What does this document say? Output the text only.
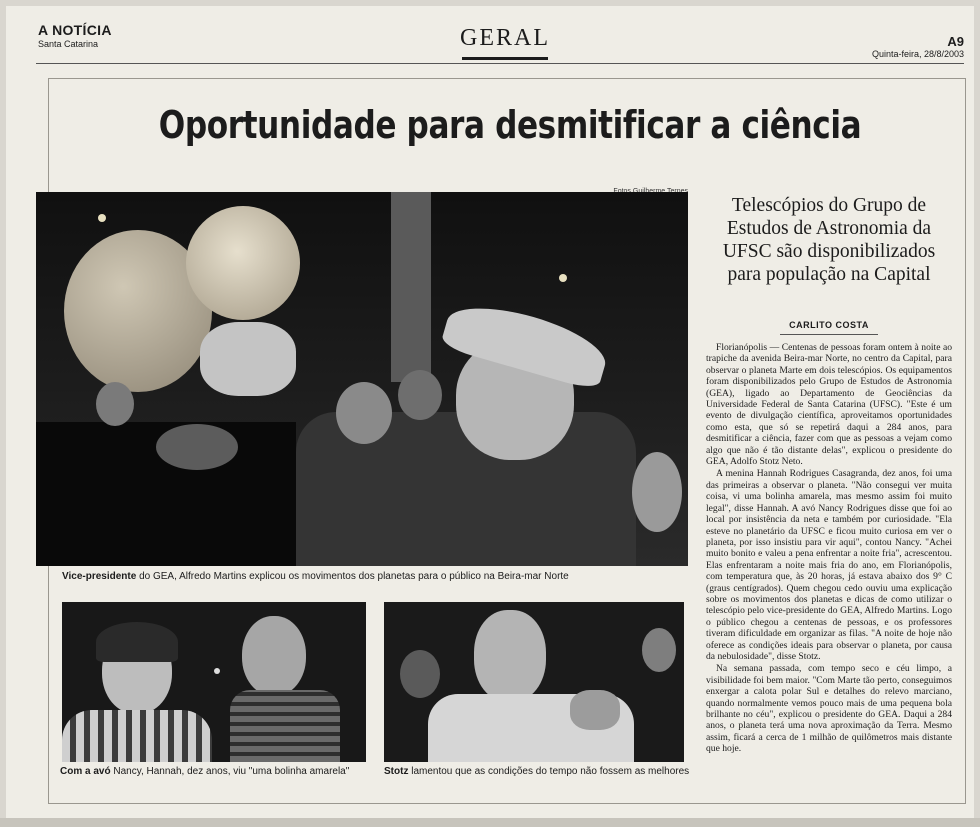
A NOTÍCIA
Santa Catarina	GERAL	A9
Quinta-feira, 28/8/2003
Oportunidade para desmitificar a ciência
Vice-presidente do GEA, Alfredo Martins explicou os movimentos dos planetas para o público na Beira-mar Norte
Com a avó Nancy, Hannah, dez anos, viu "uma bolinha amarela"	Stotz lamentou que as condições do tempo não fossem as melhores
Telescópios do Grupo de Estudos de Astronomia da UFSC são disponibilizados para população na Capital
CARLITO COSTA

Florianópolis — Centenas de pessoas foram ontem à noite ao trapiche da avenida Beira-mar Norte, no centro da Capital, para observar o planeta Marte em dois telescópios. Os equipamentos foram disponibilizados pelo Grupo de Estudos de Astronomia (GEA), ligado ao Departamento de Geociências da Universidade Federal de Santa Catarina (UFSC). "Este é um evento de divulgação científica, aproveitamos oportunidades como esta, que só se repetirá daqui a 284 anos, para desmitificar a ciência, fazer com que as pessoas a vejam como algo que não é tão distante delas", explicou o presidente do GEA, Adolfo Stotz Neto.

A menina Hannah Rodrigues Casagranda, dez anos, foi uma das primeiras a observar o planeta. "Não consegui ver muita coisa, vi uma bolinha amarela, mas mesmo assim foi muito legal", disse Hannah. A avó Nancy Rodrigues disse que foi ao local por insistência da neta e também por curiosidade. "Ela esteve no planetário da UFSC e ficou muito curiosa em ver o planeta, por isso insistiu para vir aqui", contou Nancy. "Achei muito bonito e valeu a pena enfrentar a noite fria", acrescentou. Elas enfrentaram a noite mais fria do ano, em Florianópolis, com temperatura que, às 20 horas, já estava abaixo dos 9° C (graus centígrados). Quem chegou cedo ouviu uma explicação sobre os movimentos dos planetas e dicas de como utilizar o telescópio pelo vice-presidente do GEA, Alfredo Martins. Logo o público chegou a centenas de pessoas, e os professores tiveram dificuldade em organizar as filas. "A noite de hoje não oferece as condições ideais para observar o planeta, por causa da nebulosidade", disse Stotz.

Na semana passada, com tempo seco e céu limpo, a visibilidade foi bem maior. "Com Marte tão perto, conseguimos enxergar a calota polar Sul e detalhes do relevo marciano, quando normalmente vemos pouco mais de uma pequena bola brilhante no céu", explicou o presidente do GEA. Daqui a 284 anos, o planeta terá uma nova aproximação da Terra. Mesmo assim, ficará a cerca de 1 milhão de quilômetros mais distante que hoje.
